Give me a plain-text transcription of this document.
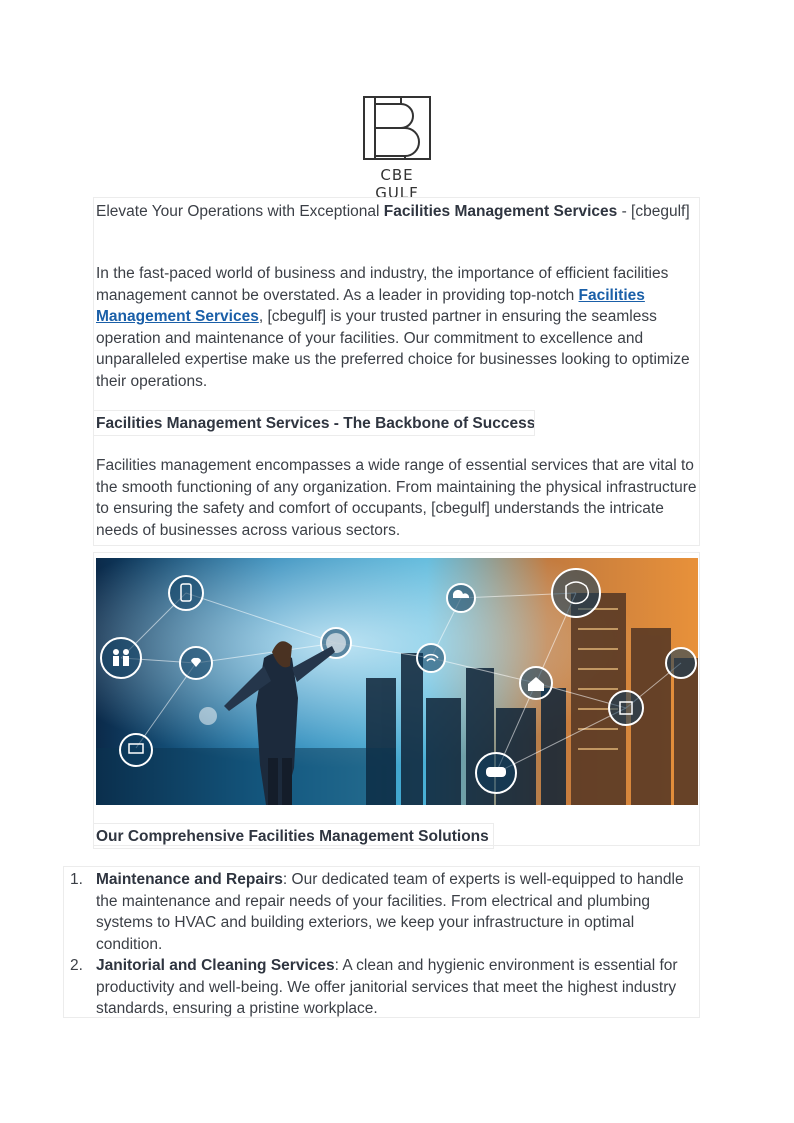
CBE GULF

Elevate Your Operations with Exceptional Facilities Management Services - [cbegulf]

In the fast-paced world of business and industry, the importance of efficient facilities management cannot be overstated. As a leader in providing top-notch Facilities Management Services, [cbegulf] is your trusted partner in ensuring the seamless operation and maintenance of your facilities. Our commitment to excellence and unparalleled expertise make us the preferred choice for businesses looking to optimize their operations.

Facilities Management Services - The Backbone of Success

Facilities management encompasses a wide range of essential services that are vital to the smooth functioning of any organization. From maintaining the physical infrastructure to ensuring the safety and comfort of occupants, [cbegulf] understands the intricate needs of businesses across various sectors.

Our Comprehensive Facilities Management Solutions
1. Maintenance and Repairs: Our dedicated team of experts is well-equipped to handle the maintenance and repair needs of your facilities. From electrical and plumbing systems to HVAC and building exteriors, we keep your infrastructure in optimal condition.
2. Janitorial and Cleaning Services: A clean and hygienic environment is essential for productivity and well-being. We offer janitorial services that meet the highest industry standards, ensuring a pristine workplace.
